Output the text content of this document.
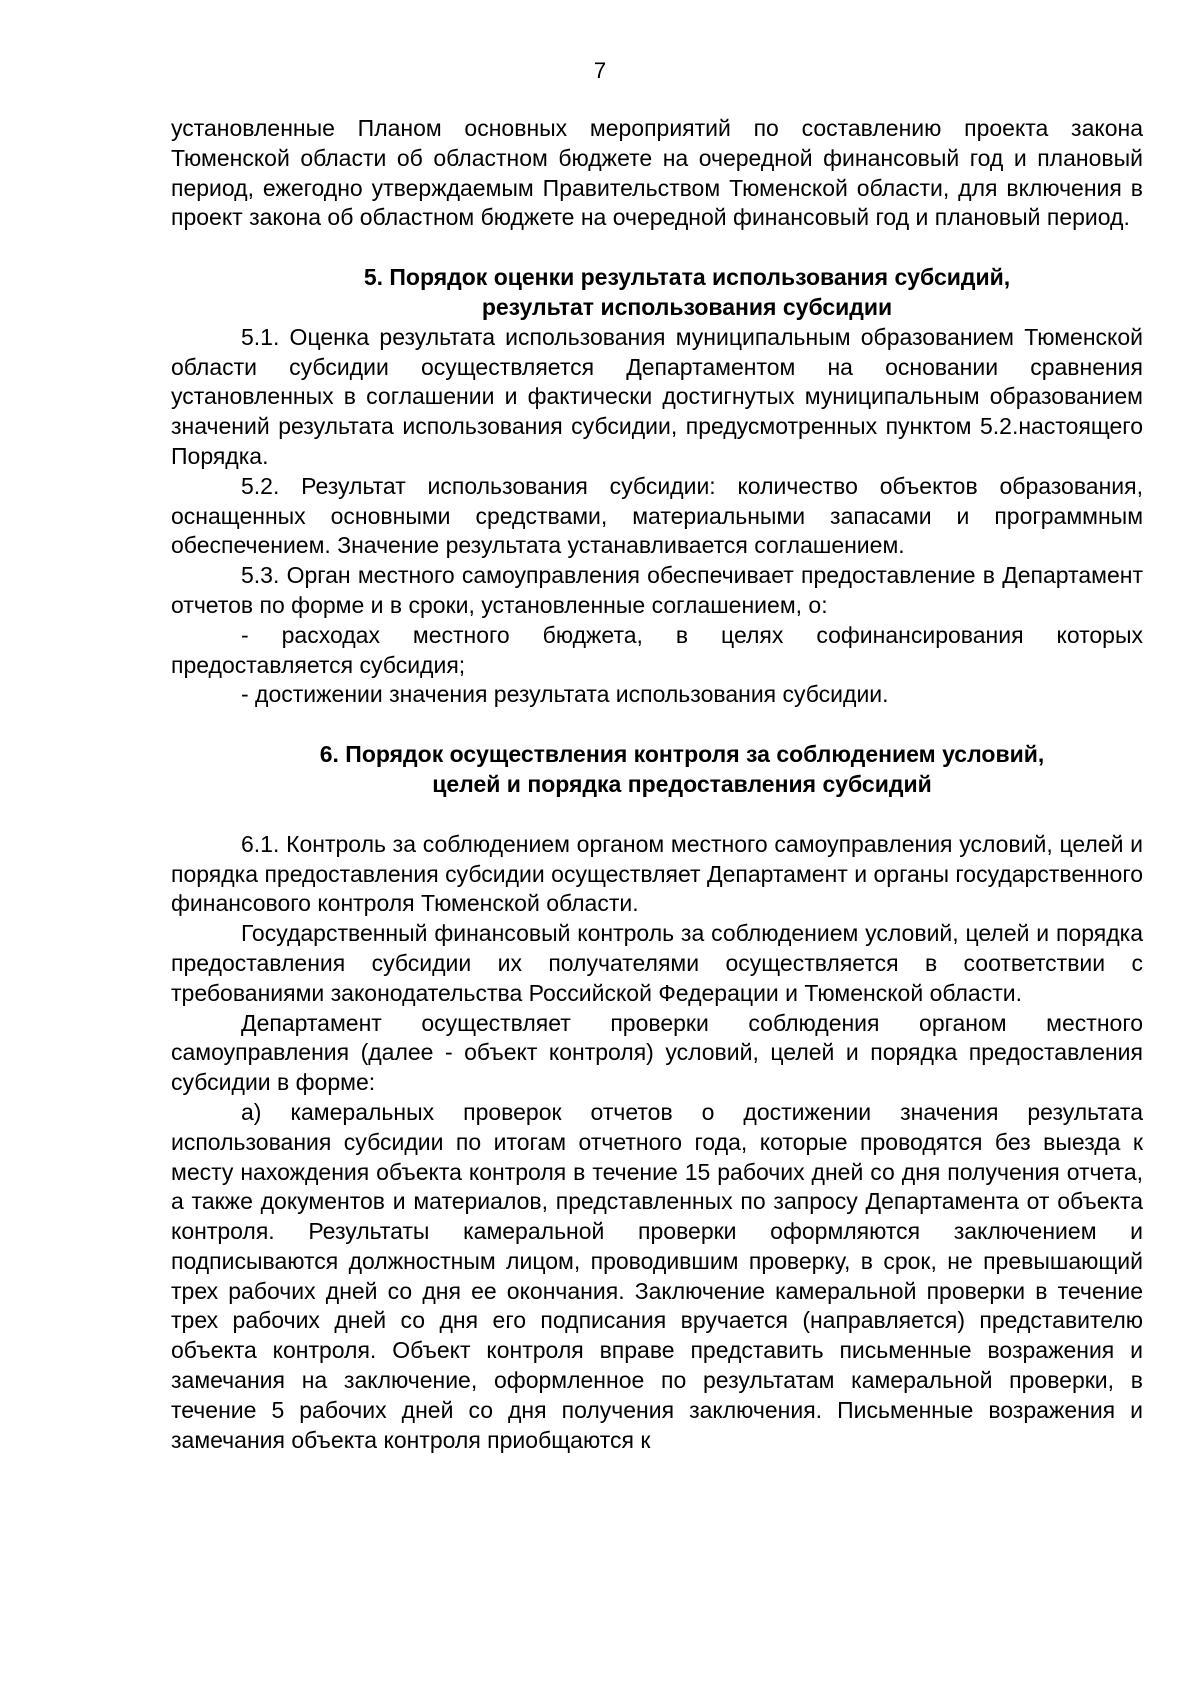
7

установленные Планом основных мероприятий по составлению проекта закона Тюменской области об областном бюджете на очередной финансовый год и плановый период, ежегодно утверждаемым Правительством Тюменской области, для включения в проект закона об областном бюджете на очередной финансовый год и плановый период.

5. Порядок оценки результата использования субсидий,
результат использования субсидии

5.1. Оценка результата использования муниципальным образованием Тюменской области субсидии осуществляется Департаментом на основании сравнения установленных в соглашении и фактически достигнутых муниципальным образованием значений результата использования субсидии, предусмотренных пунктом 5.2.настоящего Порядка.

5.2. Результат использования субсидии: количество объектов образования, оснащенных основными средствами, материальными запасами и программным обеспечением. Значение результата устанавливается соглашением.

5.3. Орган местного самоуправления обеспечивает предоставление в Департамент отчетов по форме и в сроки, установленные соглашением, о:

- расходах местного бюджета, в целях софинансирования которых предоставляется субсидия;

- достижении значения результата использования субсидии.

6. Порядок осуществления контроля за соблюдением условий,
целей и порядка предоставления субсидий

6.1. Контроль за соблюдением органом местного самоуправления условий, целей и порядка предоставления субсидии осуществляет Департамент и органы государственного финансового контроля Тюменской области.

Государственный финансовый контроль за соблюдением условий, целей и порядка предоставления субсидии их получателями осуществляется в соответствии с требованиями законодательства Российской Федерации и Тюменской области.

Департамент осуществляет проверки соблюдения органом местного самоуправления (далее - объект контроля) условий, целей и порядка предоставления субсидии в форме:

а) камеральных проверок отчетов о достижении значения результата использования субсидии по итогам отчетного года, которые проводятся без выезда к месту нахождения объекта контроля в течение 15 рабочих дней со дня получения отчета, а также документов и материалов, представленных по запросу Департамента от объекта контроля. Результаты камеральной проверки оформляются заключением и подписываются должностным лицом, проводившим проверку, в срок, не превышающий трех рабочих дней со дня ее окончания. Заключение камеральной проверки в течение трех рабочих дней со дня его подписания вручается (направляется) представителю объекта контроля. Объект контроля вправе представить письменные возражения и замечания на заключение, оформленное по результатам камеральной проверки, в течение 5 рабочих дней со дня получения заключения. Письменные возражения и замечания объекта контроля приобщаются к
